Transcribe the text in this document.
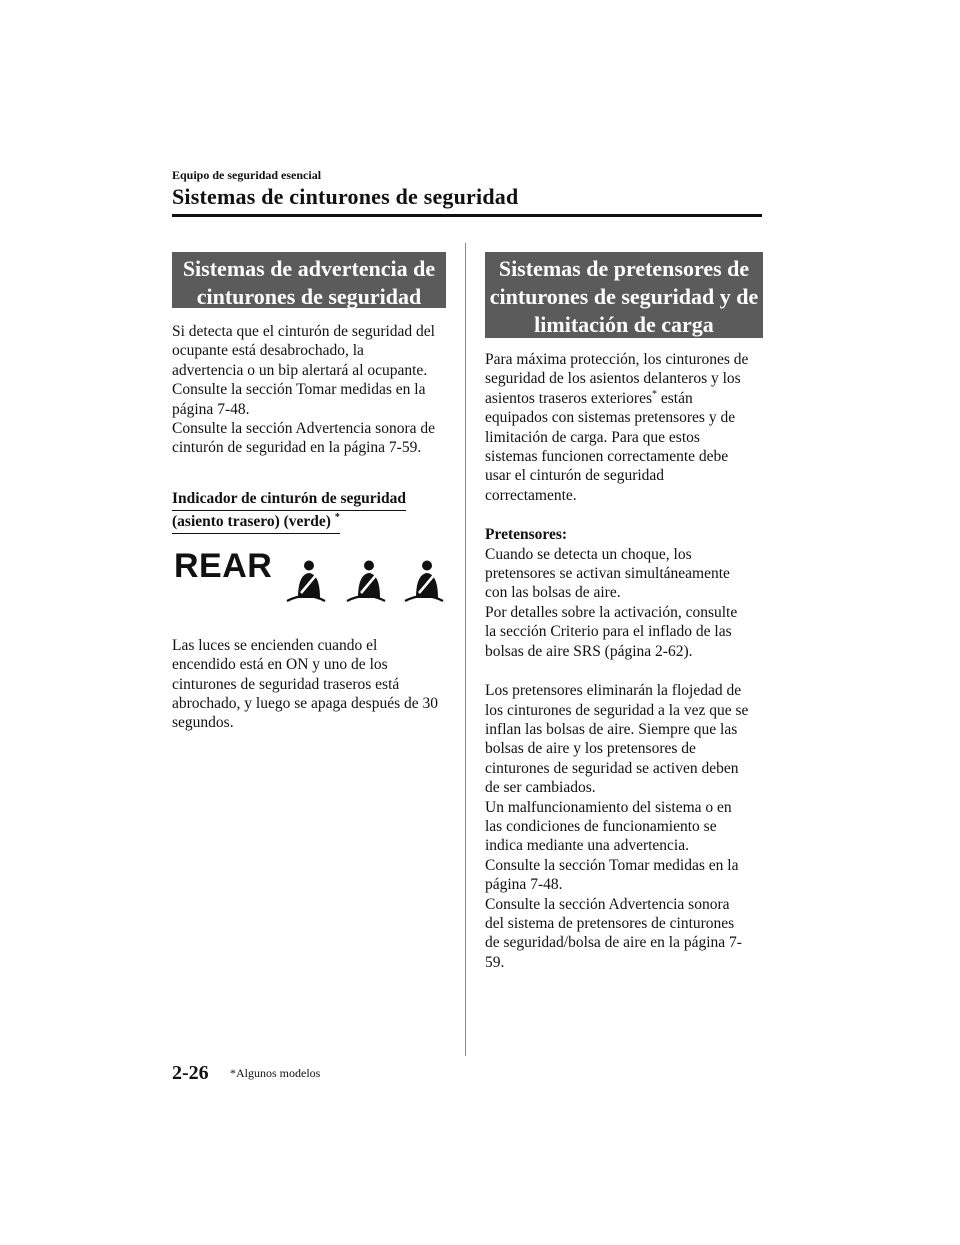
Equipo de seguridad esencial
Sistemas de cinturones de seguridad
Sistemas de advertencia de cinturones de seguridad
Si detecta que el cinturón de seguridad del
ocupante está desabrochado, la
advertencia o un bip alertará al ocupante.
Consulte la sección Tomar medidas en la
página 7-48.
Consulte la sección Advertencia sonora de
cinturón de seguridad en la página 7-59.
Indicador de cinturón de seguridad
(asiento trasero) (verde) *
REAR
Las luces se encienden cuando el
encendido está en ON y uno de los
cinturones de seguridad traseros está
abrochado, y luego se apaga después de 30
segundos.
Sistemas de pretensores de cinturones de seguridad y de limitación de carga
Para máxima protección, los cinturones de
seguridad de los asientos delanteros y los
asientos traseros exteriores* están
equipados con sistemas pretensores y de
limitación de carga. Para que estos
sistemas funcionen correctamente debe
usar el cinturón de seguridad
correctamente.
Pretensores:
Cuando se detecta un choque, los
pretensores se activan simultáneamente
con las bolsas de aire.
Por detalles sobre la activación, consulte
la sección Criterio para el inflado de las
bolsas de aire SRS (página 2-62).
Los pretensores eliminarán la flojedad de
los cinturones de seguridad a la vez que se
inflan las bolsas de aire. Siempre que las
bolsas de aire y los pretensores de
cinturones de seguridad se activen deben
de ser cambiados.
Un malfuncionamiento del sistema o en
las condiciones de funcionamiento se
indica mediante una advertencia.
Consulte la sección Tomar medidas en la
página 7-48.
Consulte la sección Advertencia sonora
del sistema de pretensores de cinturones
de seguridad/bolsa de aire en la página 7-
59.
2-26 *Algunos modelos
